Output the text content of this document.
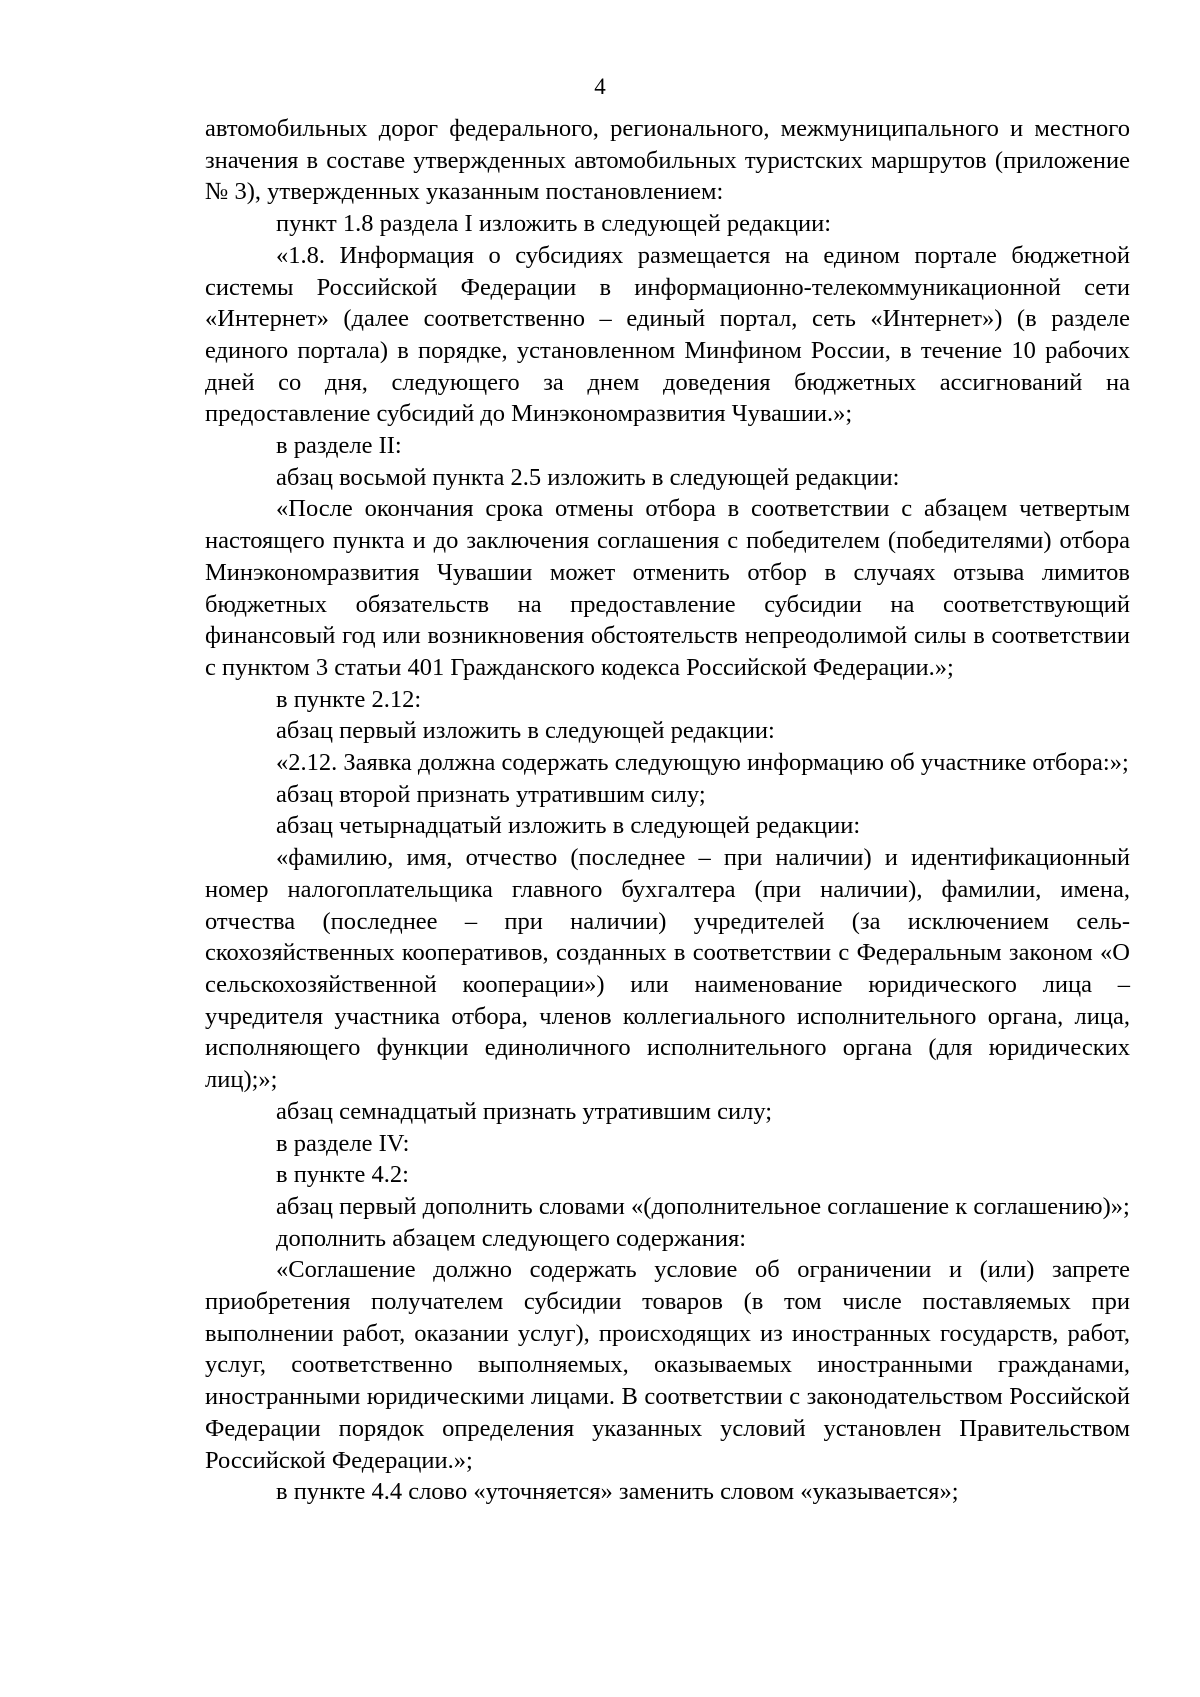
4

автомобильных дорог федерального, регионального, межмуниципального и местного значения в составе утвержденных автомобильных туристских маршрутов (приложение № 3), утвержденных указанным постановлением:

пункт 1.8 раздела I изложить в следующей редакции:

«1.8. Информация о субсидиях размещается на едином портале бюджетной системы Российской Федерации в информационно-телекоммуникационной сети «Интернет» (далее соответственно – единый портал, сеть «Интернет») (в разделе единого портала) в порядке, установленном Минфином России, в течение 10 рабочих дней со дня, следующего за днем доведения бюджетных ассигнований на предоставление субсидий до Минэкономразвития Чувашии.»;

в разделе II:

абзац восьмой пункта 2.5 изложить в следующей редакции:

«После окончания срока отмены отбора в соответствии с абзацем четвертым настоящего пункта и до заключения соглашения с победителем (победителями) отбора Минэкономразвития Чувашии может отменить отбор в случаях отзыва лимитов бюджетных обязательств на предоставление субсидии на соответствующий финансовый год или возникновения обстоятельств непреодолимой силы в соответствии с пунктом 3 статьи 401 Гражданского кодекса Российской Федерации.»;

в пункте 2.12:

абзац первый изложить в следующей редакции:

«2.12. Заявка должна содержать следующую информацию об участнике отбора:»;

абзац второй признать утратившим силу;

абзац четырнадцатый изложить в следующей редакции:

«фамилию, имя, отчество (последнее – при наличии) и идентификационный номер налогоплательщика главного бухгалтера (при наличии), фамилии, имена, отчества (последнее – при наличии) учредителей (за исключением сельскохозяйственных кооперативов, созданных в соответствии с Федеральным законом «О сельскохозяйственной кооперации») или наименование юридического лица – учредителя участника отбора, членов коллегиального исполнительного органа, лица, исполняющего функции единоличного исполнительного органа (для юридических лиц);»;

абзац семнадцатый признать утратившим силу;

в разделе IV:

в пункте 4.2:

абзац первый дополнить словами «(дополнительное соглашение к соглашению)»;

дополнить абзацем следующего содержания:

«Соглашение должно содержать условие об ограничении и (или) запрете приобретения получателем субсидии товаров (в том числе поставляемых при выполнении работ, оказании услуг), происходящих из иностранных государств, работ, услуг, соответственно выполняемых, оказываемых иностранными гражданами, иностранными юридическими лицами. В соответствии с законодательством Российской Федерации порядок определения указанных условий установлен Правительством Российской Федерации.»;

в пункте 4.4 слово «уточняется» заменить словом «указывается»;
